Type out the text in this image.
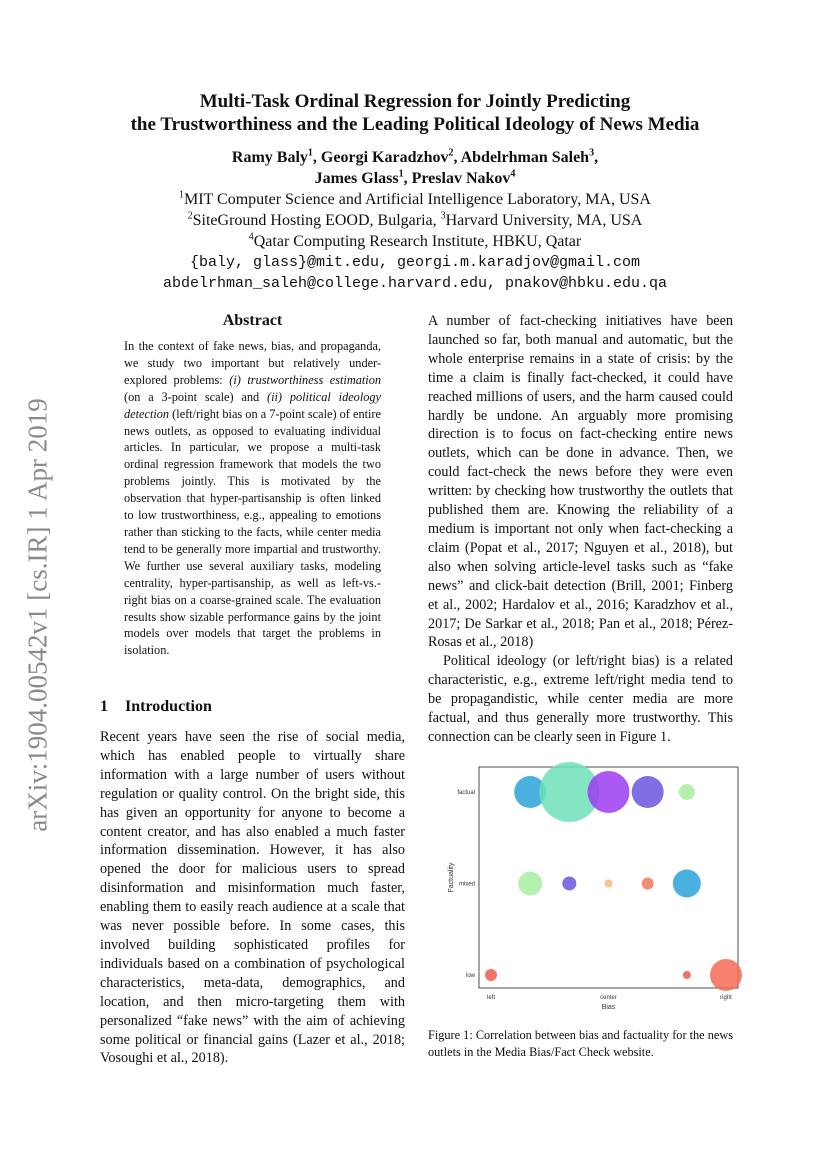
arXiv:1904.00542v1 [cs.IR] 1 Apr 2019
Multi-Task Ordinal Regression for Jointly Predicting
the Trustworthiness and the Leading Political Ideology of News Media
Ramy Baly$^1$, Georgi Karadzhov$^2$, Abdelrhman Saleh$^3$,
James Glass$^1$, Preslav Nakov$^4$
$^1$MIT Computer Science and Artificial Intelligence Laboratory, MA, USA
$^2$SiteGround Hosting EOOD, Bulgaria, $^3$Harvard University, MA, USA
$^4$Qatar Computing Research Institute, HBKU, Qatar
{baly, glass}@mit.edu, georgi.m.karadjov@gmail.com
abdelrhman_saleh@college.harvard.edu, pnakov@hbku.edu.qa
Abstract
In the context of fake news, bias, and propaganda, we study two important but relatively under-explored problems: (i) trustworthiness estimation (on a 3-point scale) and (ii) political ideology detection (left/right bias on a 7-point scale) of entire news outlets, as opposed to evaluating individual articles. In particular, we propose a multi-task ordinal regression framework that models the two problems jointly. This is motivated by the observation that hyper-partisanship is often linked to low trustworthiness, e.g., appealing to emotions rather than sticking to the facts, while center media tend to be generally more impartial and trustworthy. We further use several auxiliary tasks, modeling centrality, hyper-partisanship, as well as left-vs.-right bias on a coarse-grained scale. The evaluation results show sizable performance gains by the joint models over models that target the problems in isolation.
1 Introduction
Recent years have seen the rise of social media, which has enabled people to virtually share information with a large number of users without regulation or quality control. On the bright side, this has given an opportunity for anyone to become a content creator, and has also enabled a much faster information dissemination. However, it has also opened the door for malicious users to spread disinformation and misinformation much faster, enabling them to easily reach audience at a scale that was never possible before. In some cases, this involved building sophisticated profiles for individuals based on a combination of psychological characteristics, meta-data, demographics, and location, and then micro-targeting them with personalized “fake news” with the aim of achieving some political or financial gains (Lazer et al., 2018; Vosoughi et al., 2018).

A number of fact-checking initiatives have been launched so far, both manual and automatic, but the whole enterprise remains in a state of crisis: by the time a claim is finally fact-checked, it could have reached millions of users, and the harm caused could hardly be undone. An arguably more promising direction is to focus on fact-checking entire news outlets, which can be done in advance. Then, we could fact-check the news before they were even written: by checking how trustworthy the outlets that published them are. Knowing the reliability of a medium is important not only when fact-checking a claim (Popat et al., 2017; Nguyen et al., 2018), but also when solving article-level tasks such as “fake news” and click-bait detection (Brill, 2001; Finberg et al., 2002; Hardalov et al., 2016; Karadzhov et al., 2017; De Sarkar et al., 2018; Pan et al., 2018; Pérez-Rosas et al., 2018)

Political ideology (or left/right bias) is a related characteristic, e.g., extreme left/right media tend to be propagandistic, while center media are more factual, and thus generally more trustworthy. This connection can be clearly seen in Figure 1.

low
mixed
factual
left	center	right
Bias
Factuality
Figure 1: Correlation between bias and factuality for the news outlets in the Media Bias/Fact Check website.
